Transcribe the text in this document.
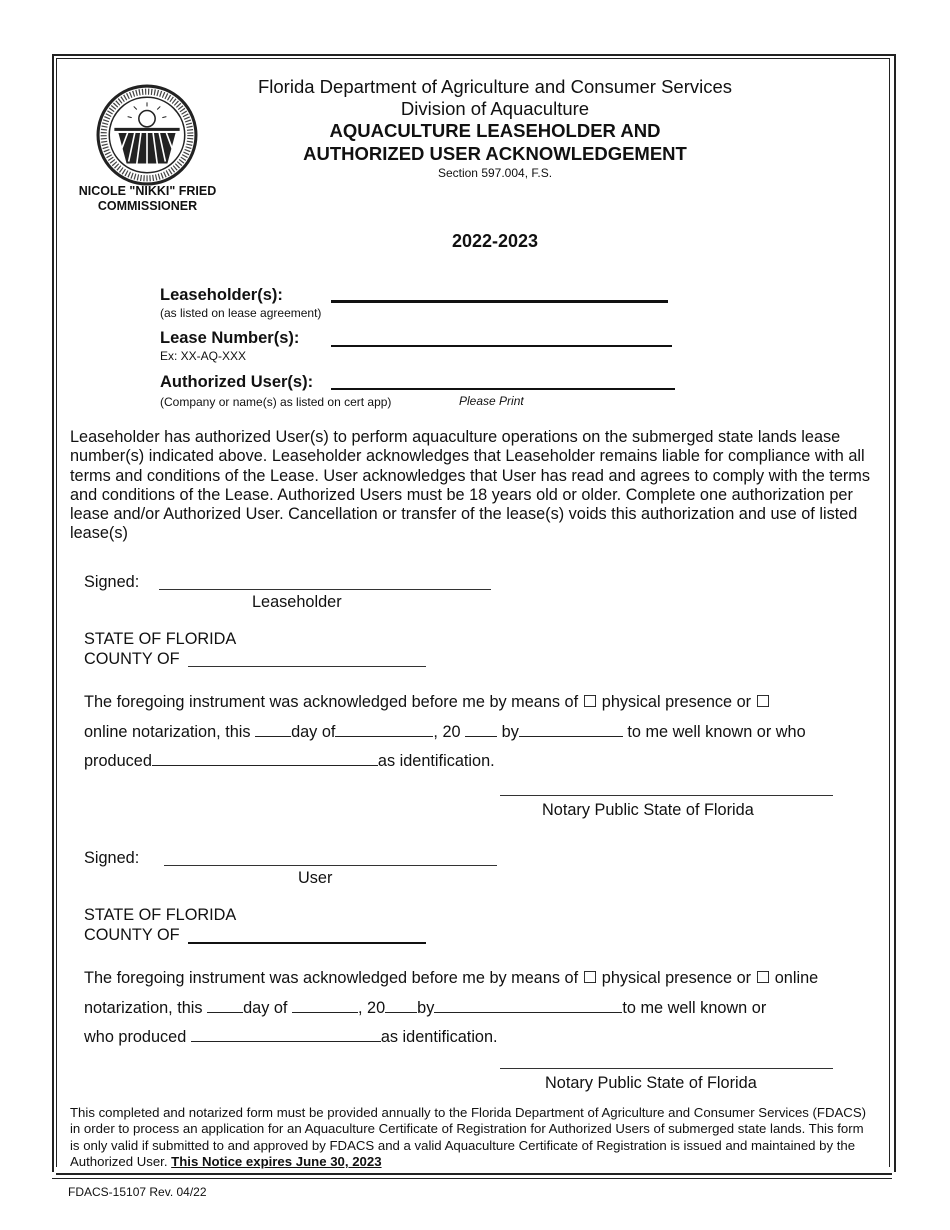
NICOLE "NIKKI" FRIED
COMMISSIONER
Florida Department of Agriculture and Consumer Services
Division of Aquaculture
AQUACULTURE LEASEHOLDER AND
AUTHORIZED USER ACKNOWLEDGEMENT
Section 597.004, F.S.
2022-2023
Leaseholder(s):
(as listed on lease agreement)
Lease Number(s):
Ex: XX-AQ-XXX
Authorized User(s):
(Company or name(s) as listed on cert app)	Please Print
Leaseholder has authorized User(s) to perform aquaculture operations on the submerged state lands lease number(s) indicated above. Leaseholder acknowledges that Leaseholder remains liable for compliance with all terms and conditions of the Lease. User acknowledges that User has read and agrees to comply with the terms and conditions of the Lease. Authorized Users must be 18 years old or older. Complete one authorization per lease and/or Authorized User. Cancellation or transfer of the lease(s) voids this authorization and use of listed lease(s)
Signed:
Leaseholder
STATE OF FLORIDA
COUNTY OF
The foregoing instrument was acknowledged before me by means of ☐ physical presence or ☐
online notarization, this day of	, 20  by	to me well known or who
produced	as identification.
Notary Public State of Florida
Signed:
User
STATE OF FLORIDA
COUNTY OF
The foregoing instrument was acknowledged before me by means of ☐ physical presence or ☐ online
notarization, this day of	, 20 by	to me well known or
who produced	as identification.
Notary Public State of Florida
This completed and notarized form must be provided annually to the Florida Department of Agriculture and Consumer Services (FDACS) in order to process an application for an Aquaculture Certificate of Registration for Authorized Users of submerged state lands. This form is only valid if submitted to and approved by FDACS and a valid Aquaculture Certificate of Registration is issued and maintained by the Authorized User. This Notice expires June 30, 2023
FDACS-15107 Rev. 04/22
